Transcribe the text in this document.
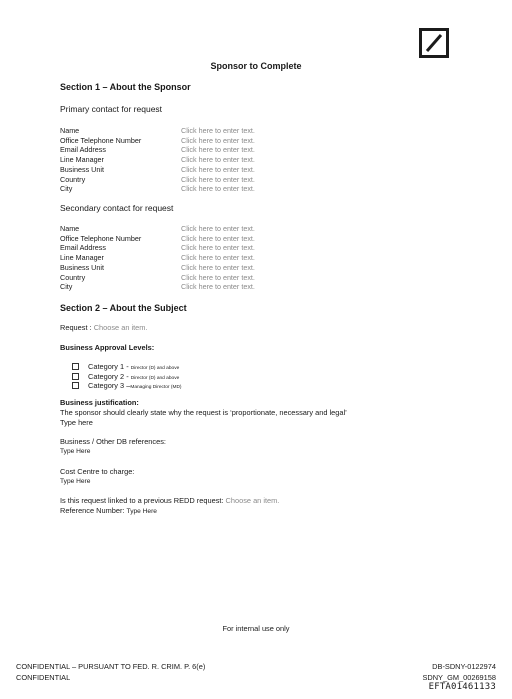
Sponsor to Complete
Section 1 – About the Sponsor
Primary contact for request
Name	Click here to enter text.
Office Telephone Number	Click here to enter text.
Email Address	Click here to enter text.
Line Manager	Click here to enter text.
Business Unit	Click here to enter text.
Country	Click here to enter text.
City	Click here to enter text.
Secondary contact for request
Name	Click here to enter text.
Office Telephone Number	Click here to enter text.
Email Address	Click here to enter text.
Line Manager	Click here to enter text.
Business Unit	Click here to enter text.
Country	Click here to enter text.
City	Click here to enter text.
Section 2 – About the Subject
Request : Choose an item.
Business Approval Levels:
Category 1 - Director (D) and above
Category 2 - Director (D) and above
Category 3 –Managing Director (MD)
Business justification:
The sponsor should clearly state why the request is ‘proportionate, necessary and legal’
Type here
Business / Other DB references:
Type Here
Cost Centre to charge:
Type Here
Is this request linked to a previous REDD request: Choose an item.
Reference Number: Type Here
For internal use only
CONFIDENTIAL – PURSUANT TO FED. R. CRIM. P. 6(e)
CONFIDENTIAL
DB-SDNY-0122974
SDNY_GM_00269158
EFTA01461133
